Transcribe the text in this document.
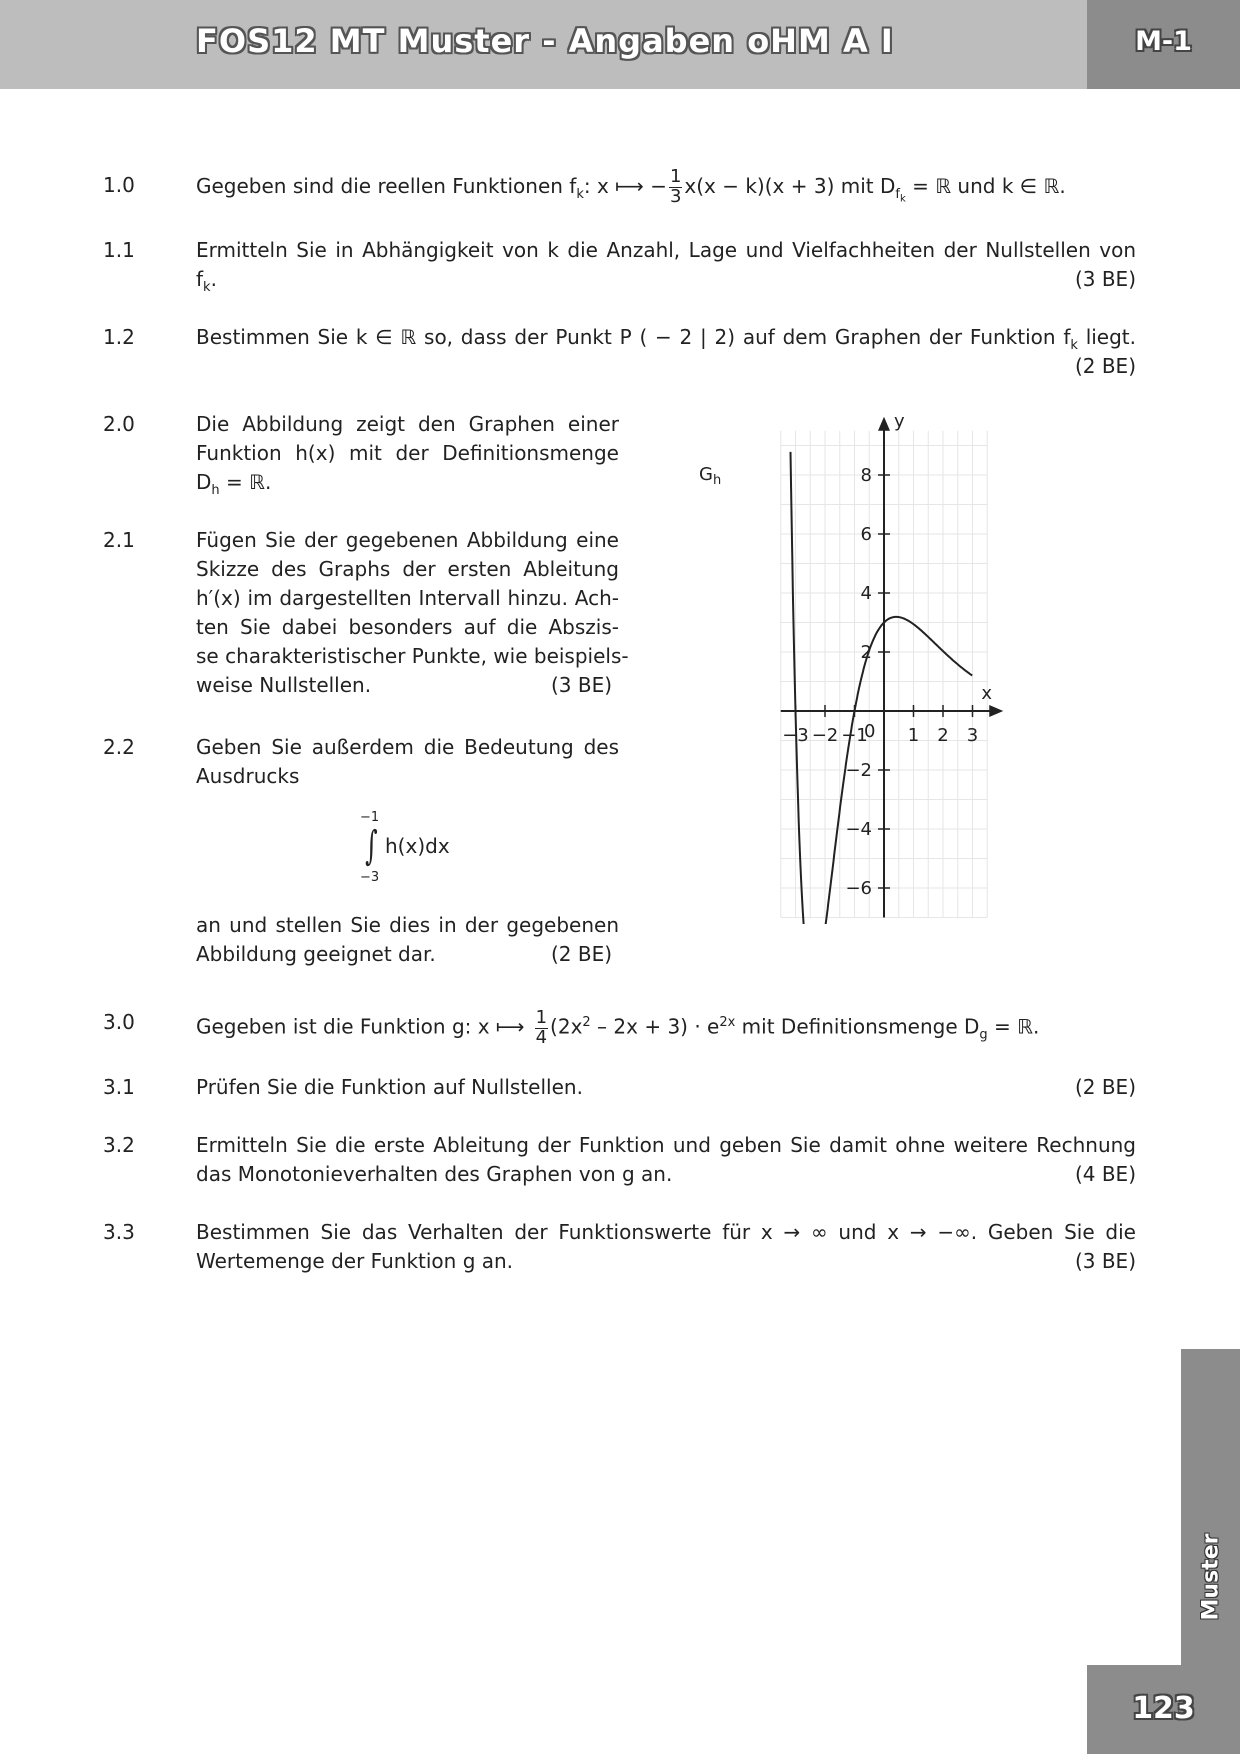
FOS12 MT Muster - Angaben oHM A I	M-1
1.0	Gegeben sind die reellen Funktionen $f_k$: x ⟼ − $\frac{1}{3} x(x - k)(x + 3)$ mit $D_{f_k}$ = ℝ und k ∈ ℝ.
1.1	Ermitteln Sie in Abhängigkeit von k die Anzahl, Lage und Vielfachheiten der Nullstellen von
$f_k$.	(3 BE)
1.2	Bestimmen Sie k ∈ ℝ so, dass der Punkt P ( − 2 | 2) auf dem Graphen der Funktion $f_k$ liegt.
(2 BE)
2.0	Die Abbildung zeigt den Graphen einer
Funktion h(x) mit der Definitionsmenge
$D_h$ = ℝ.
2.1	Fügen Sie der gegebenen Abbildung eine
Skizze des Graphs der ersten Ableitung
h′(x) im dargestellten Intervall hinzu. Ach-
ten Sie dabei besonders auf die Abszis-
se charakteristischer Punkte, wie beispiels-
weise Nullstellen.	(3 BE)
2.2	Geben Sie außerdem die Bedeutung des
Ausdrucks
−1
∫
−3
h(x)dx
an und stellen Sie dies in der gegebenen
Abbildung geeignet dar.	(2 BE)
x
y
0
−3 −2 −1 1 2 3
−6
−4
−2
2
4
6
8
$G_h$
3.0	Gegeben ist die Funktion g: x ⟼ $\frac{1}{4} (2x^2 - 2x + 3) \cdot e^{2x}$ mit Definitionsmenge $D_g$ = ℝ.
3.1	Prüfen Sie die Funktion auf Nullstellen.	(2 BE)
3.2	Ermitteln Sie die erste Ableitung der Funktion und geben Sie damit ohne weitere Rechnung
das Monotonieverhalten des Graphen von g an.	(4 BE)
3.3	Bestimmen Sie das Verhalten der Funktionswerte für x → ∞ und x → −∞. Geben Sie die
Wertemenge der Funktion g an.	(3 BE)
Muster
123
